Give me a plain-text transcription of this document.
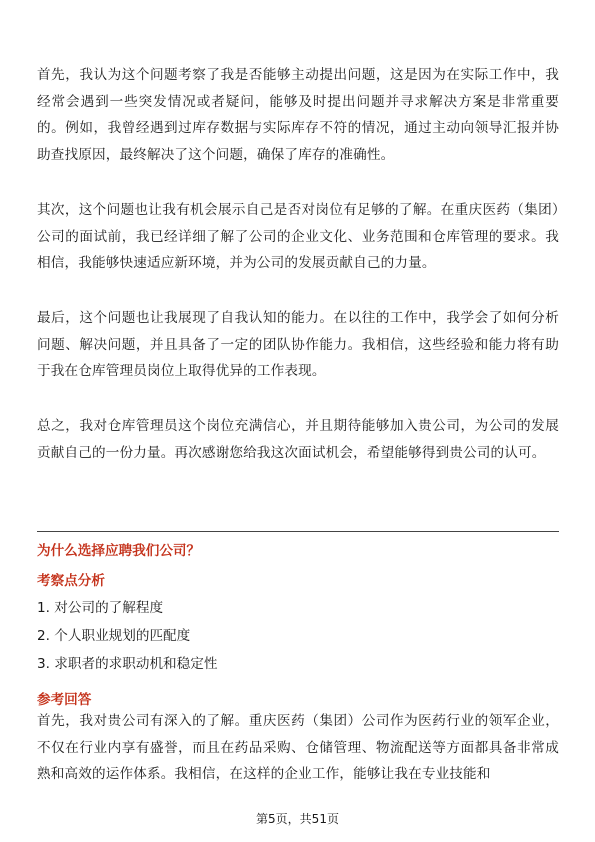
首先，我认为这个问题考察了我是否能够主动提出问题，这是因为在实际工作中，我经常会遇到一些突发情况或者疑问，能够及时提出问题并寻求解决方案是非常重要的。例如，我曾经遇到过库存数据与实际库存不符的情况，通过主动向领导汇报并协助查找原因，最终解决了这个问题，确保了库存的准确性。

其次，这个问题也让我有机会展示自己是否对岗位有足够的了解。在重庆医药（集团）公司的面试前，我已经详细了解了公司的企业文化、业务范围和仓库管理的要求。我相信，我能够快速适应新环境，并为公司的发展贡献自己的力量。

最后，这个问题也让我展现了自我认知的能力。在以往的工作中，我学会了如何分析问题、解决问题，并且具备了一定的团队协作能力。我相信，这些经验和能力将有助于我在仓库管理员岗位上取得优异的工作表现。

总之，我对仓库管理员这个岗位充满信心，并且期待能够加入贵公司，为公司的发展贡献自己的一份力量。再次感谢您给我这次面试机会，希望能够得到贵公司的认可。

为什么选择应聘我们公司？
考察点分析
1. 对公司的了解程度
2. 个人职业规划的匹配度
3. 求职者的求职动机和稳定性
参考回答

首先，我对贵公司有深入的了解。重庆医药（集团）公司作为医药行业的领军企业，不仅在行业内享有盛誉，而且在药品采购、仓储管理、物流配送等方面都具备非常成熟和高效的运作体系。我相信，在这样的企业工作，能够让我在专业技能和

第5页，共51页
